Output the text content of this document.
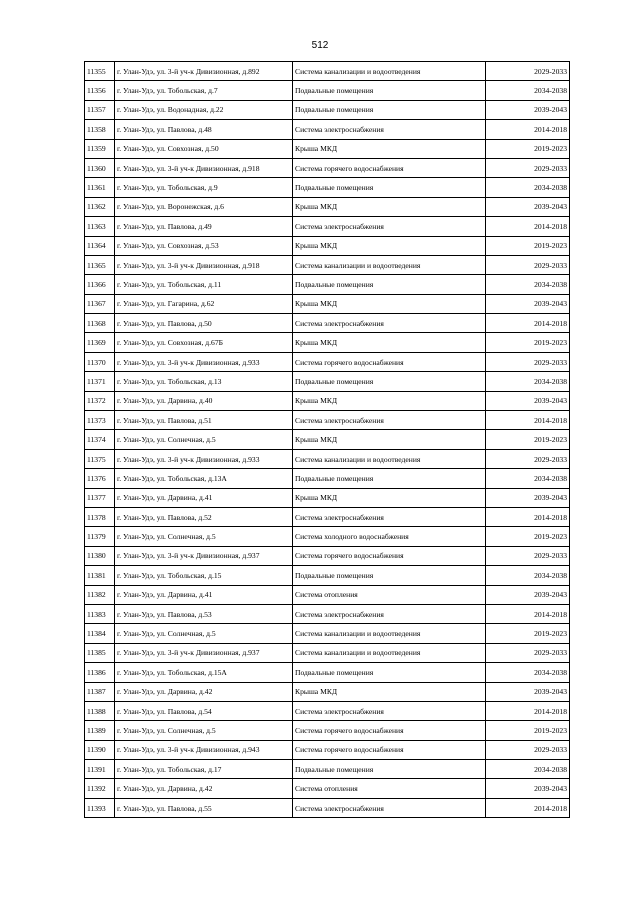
512
11355	г. Улан-Удэ, ул. 3-й уч-к Дивизионная, д.892	Система канализации и водоотведения	2029-2033
11356	г. Улан-Удэ, ул. Тобольская, д.7	Подвальные помещения	2034-2038
11357	г. Улан-Удэ, ул. Водонадная, д.22	Подвальные помещения	2039-2043
11358	г. Улан-Удэ, ул. Павлова, д.48	Система электроснабжения	2014-2018
11359	г. Улан-Удэ, ул. Совхозная, д.50	Крыша МКД	2019-2023
11360	г. Улан-Удэ, ул. 3-й уч-к Дивизионная, д.918	Система горячего водоснабжения	2029-2033
11361	г. Улан-Удэ, ул. Тобольская, д.9	Подвальные помещения	2034-2038
11362	г. Улан-Удэ, ул. Воронежская, д.6	Крыша МКД	2039-2043
11363	г. Улан-Удэ, ул. Павлова, д.49	Система электроснабжения	2014-2018
11364	г. Улан-Удэ, ул. Совхозная, д.53	Крыша МКД	2019-2023
11365	г. Улан-Удэ, ул. 3-й уч-к Дивизионная, д.918	Система канализации и водоотведения	2029-2033
11366	г. Улан-Удэ, ул. Тобольская, д.11	Подвальные помещения	2034-2038
11367	г. Улан-Удэ, ул. Гагарина, д.62	Крыша МКД	2039-2043
11368	г. Улан-Удэ, ул. Павлова, д.50	Система электроснабжения	2014-2018
11369	г. Улан-Удэ, ул. Совхозная, д.67Б	Крыша МКД	2019-2023
11370	г. Улан-Удэ, ул. 3-й уч-к Дивизионная, д.933	Система горячего водоснабжения	2029-2033
11371	г. Улан-Удэ, ул. Тобольская, д.13	Подвальные помещения	2034-2038
11372	г. Улан-Удэ, ул. Дарвина, д.40	Крыша МКД	2039-2043
11373	г. Улан-Удэ, ул. Павлова, д.51	Система электроснабжения	2014-2018
11374	г. Улан-Удэ, ул. Солнечная, д.5	Крыша МКД	2019-2023
11375	г. Улан-Удэ, ул. 3-й уч-к Дивизионная, д.933	Система канализации и водоотведения	2029-2033
11376	г. Улан-Удэ, ул. Тобольская, д.13А	Подвальные помещения	2034-2038
11377	г. Улан-Удэ, ул. Дарвина, д.41	Крыша МКД	2039-2043
11378	г. Улан-Удэ, ул. Павлова, д.52	Система электроснабжения	2014-2018
11379	г. Улан-Удэ, ул. Солнечная, д.5	Система холодного водоснабжения	2019-2023
11380	г. Улан-Удэ, ул. 3-й уч-к Дивизионная, д.937	Система горячего водоснабжения	2029-2033
11381	г. Улан-Удэ, ул. Тобольская, д.15	Подвальные помещения	2034-2038
11382	г. Улан-Удэ, ул. Дарвина, д.41	Система отопления	2039-2043
11383	г. Улан-Удэ, ул. Павлова, д.53	Система электроснабжения	2014-2018
11384	г. Улан-Удэ, ул. Солнечная, д.5	Система канализации и водоотведения	2019-2023
11385	г. Улан-Удэ, ул. 3-й уч-к Дивизионная, д.937	Система канализации и водоотведения	2029-2033
11386	г. Улан-Удэ, ул. Тобольская, д.15А	Подвальные помещения	2034-2038
11387	г. Улан-Удэ, ул. Дарвина, д.42	Крыша МКД	2039-2043
11388	г. Улан-Удэ, ул. Павлова, д.54	Система электроснабжения	2014-2018
11389	г. Улан-Удэ, ул. Солнечная, д.5	Система горячего водоснабжения	2019-2023
11390	г. Улан-Удэ, ул. 3-й уч-к Дивизионная, д.943	Система горячего водоснабжения	2029-2033
11391	г. Улан-Удэ, ул. Тобольская, д.17	Подвальные помещения	2034-2038
11392	г. Улан-Удэ, ул. Дарвина, д.42	Система отопления	2039-2043
11393	г. Улан-Удэ, ул. Павлова, д.55	Система электроснабжения	2014-2018
